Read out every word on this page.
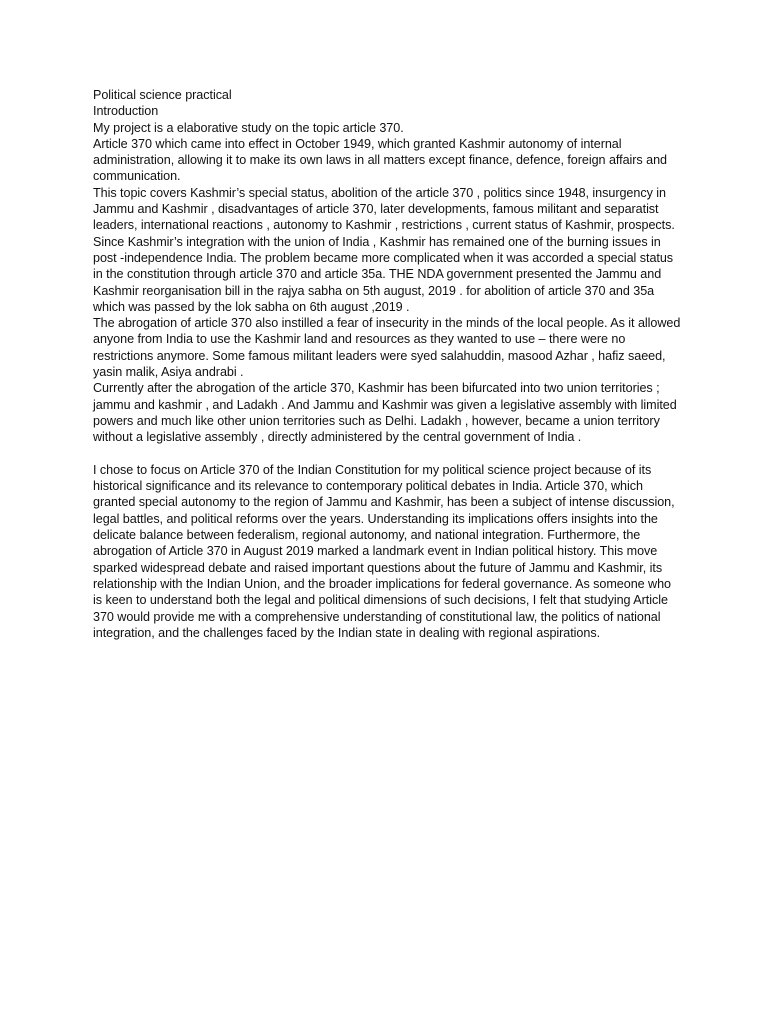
Political science practical

Introduction

My project is a elaborative study on the topic article 370.

Article 370 which came into effect in October 1949, which granted Kashmir autonomy of internal administration, allowing it to make its own laws in all matters except finance, defence, foreign affairs and communication.

This topic covers Kashmir’s special status, abolition of the article 370 , politics since 1948, insurgency in Jammu and Kashmir , disadvantages of article 370, later developments, famous militant and separatist leaders, international reactions , autonomy to Kashmir , restrictions , current status of Kashmir, prospects.

Since Kashmir’s integration with the union of India , Kashmir has remained one of the burning issues in post -independence India. The problem became more complicated when it was accorded a special status in the constitution through article 370 and article 35a. THE NDA government presented the Jammu and Kashmir reorganisation bill in the rajya sabha on 5th august, 2019 . for abolition of article 370 and 35a which was passed by the lok sabha on 6th august ,2019 .

The abrogation of article 370 also instilled a fear of insecurity in the minds of the local people. As it allowed anyone from India to use the Kashmir land and resources as they wanted to use – there were no restrictions anymore. Some famous militant leaders were syed salahuddin, masood Azhar , hafiz saeed, yasin malik, Asiya andrabi .

Currently after the abrogation of the article 370, Kashmir has been bifurcated into two union territories ; jammu and kashmir , and Ladakh . And Jammu and Kashmir was given a legislative assembly with limited powers and much like other union territories such as Delhi. Ladakh , however, became a union territory without a legislative assembly , directly administered by the central government of India .

I chose to focus on Article 370 of the Indian Constitution for my political science project because of its historical significance and its relevance to contemporary political debates in India. Article 370, which granted special autonomy to the region of Jammu and Kashmir, has been a subject of intense discussion, legal battles, and political reforms over the years. Understanding its implications offers insights into the delicate balance between federalism, regional autonomy, and national integration. Furthermore, the abrogation of Article 370 in August 2019 marked a landmark event in Indian political history. This move sparked widespread debate and raised important questions about the future of Jammu and Kashmir, its relationship with the Indian Union, and the broader implications for federal governance. As someone who is keen to understand both the legal and political dimensions of such decisions, I felt that studying Article 370 would provide me with a comprehensive understanding of constitutional law, the politics of national integration, and the challenges faced by the Indian state in dealing with regional aspirations.
